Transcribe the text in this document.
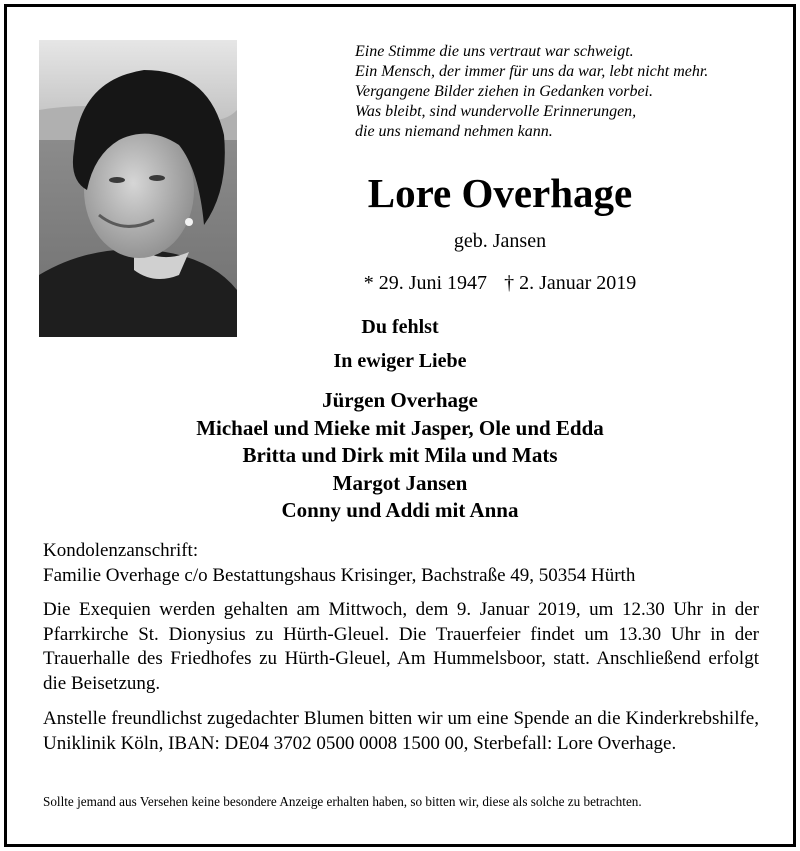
Eine Stimme die uns vertraut war schweigt.
Ein Mensch, der immer für uns da war, lebt nicht mehr.
Vergangene Bilder ziehen in Gedanken vorbei.
Was bleibt, sind wundervolle Erinnerungen,
die uns niemand nehmen kann.
Lore Overhage
geb. Jansen
* 29. Juni 1947 † 2. Januar 2019
Du fehlst
In ewiger Liebe
Jürgen Overhage
Michael und Mieke mit Jasper, Ole und Edda
Britta und Dirk mit Mila und Mats
Margot Jansen
Conny und Addi mit Anna
Kondolenzanschrift:
Familie Overhage c/o Bestattungshaus Krisinger, Bachstraße 49, 50354 Hürth
Die Exequien werden gehalten am Mittwoch, dem 9. Januar 2019, um 12.30 Uhr in der Pfarrkirche St. Dionysius zu Hürth-Gleuel. Die Trauerfeier findet um 13.30 Uhr in der Trauerhalle des Friedhofes zu Hürth-Gleuel, Am Hummelsboor, statt. Anschließend erfolgt die Beisetzung.
Anstelle freundlichst zugedachter Blumen bitten wir um eine Spende an die Kinderkrebshilfe, Uniklinik Köln, IBAN: DE04 3702 0500 0008 1500 00, Sterbefall: Lore Overhage.
Sollte jemand aus Versehen keine besondere Anzeige erhalten haben, so bitten wir, diese als solche zu betrachten.
